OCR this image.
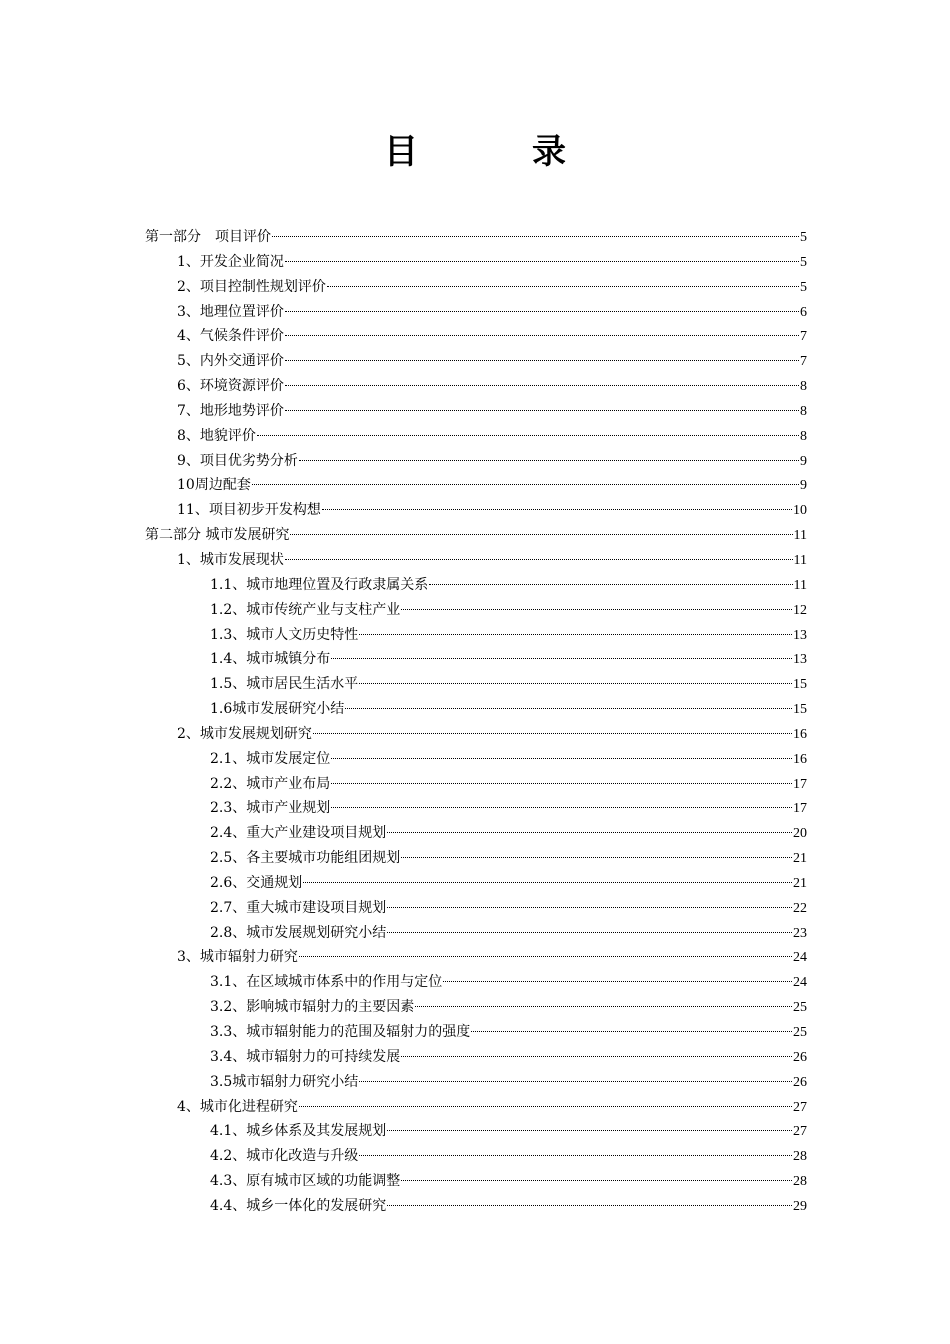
目　录
第一部分　项目评价	5
1、开发企业简况	5
2、项目控制性规划评价	5
3、地理位置评价	6
4、气候条件评价	7
5、内外交通评价	7
6、环境资源评价	8
7、地形地势评价	8
8、地貌评价	8
9、项目优劣势分析	9
10周边配套	9
11、项目初步开发构想	10
第二部分 城市发展研究	11
1、城市发展现状	11
1.1、城市地理位置及行政隶属关系	11
1.2、城市传统产业与支柱产业	12
1.3、城市人文历史特性	13
1.4、城市城镇分布	13
1.5、城市居民生活水平	15
1.6城市发展研究小结	15
2、城市发展规划研究	16
2.1、城市发展定位	16
2.2、城市产业布局	17
2.3、城市产业规划	17
2.4、重大产业建设项目规划	20
2.5、各主要城市功能组团规划	21
2.6、交通规划	21
2.7、重大城市建设项目规划	22
2.8、城市发展规划研究小结	23
3、城市辐射力研究	24
3.1、在区域城市体系中的作用与定位	24
3.2、影响城市辐射力的主要因素	25
3.3、城市辐射能力的范围及辐射力的强度	25
3.4、城市辐射力的可持续发展	26
3.5城市辐射力研究小结	26
4、城市化进程研究	27
4.1、城乡体系及其发展规划	27
4.2、城市化改造与升级	28
4.3、原有城市区域的功能调整	28
4.4、城乡一体化的发展研究	29
